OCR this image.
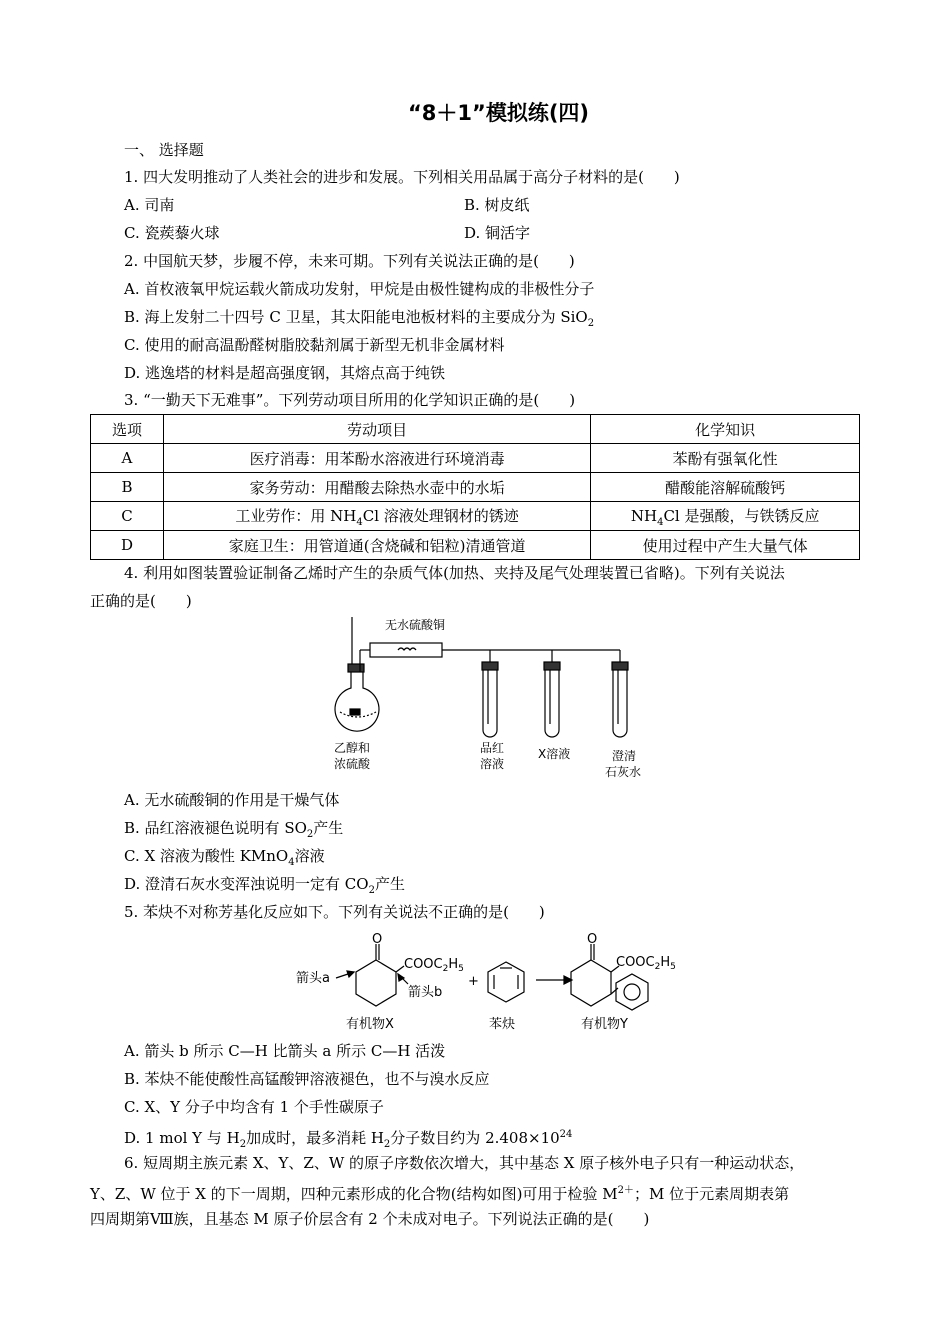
“8＋1”模拟练(四)
一、 选择题
1. 四大发明推动了人类社会的进步和发展。下列相关用品属于高分子材料的是(　　)
A. 司南	B. 树皮纸
C. 瓷蒺藜火球	D. 铜活字
2. 中国航天梦，步履不停，未来可期。下列有关说法正确的是(　　)
A. 首枚液氧甲烷运载火箭成功发射，甲烷是由极性键构成的非极性分子
B. 海上发射二十四号 C 卫星，其太阳能电池板材料的主要成分为 SiO$_2$
C. 使用的耐高温酚醛树脂胶黏剂属于新型无机非金属材料
D. 逃逸塔的材料是超高强度钢，其熔点高于纯铁
3. “一勤天下无难事”。下列劳动项目所用的化学知识正确的是(　　)
选项	劳动项目	化学知识
A	医疗消毒：用苯酚水溶液进行环境消毒	苯酚有强氧化性
B	家务劳动：用醋酸去除热水壶中的水垢	醋酸能溶解硫酸钙
C	工业劳作：用 $NH_4Cl$ 溶液处理钢材的锈迹	$NH_4Cl$ 是强酸，与铁锈反应
D	家庭卫生：用管道通(含烧碱和铝粒)清通管道	使用过程中产生大量气体
4. 利用如图装置验证制备乙烯时产生的杂质气体(加热、夹持及尾气处理装置已省略)。下列有关说法
正确的是(　　)
无水硫酸铜
乙醇和
浓硫酸
品红
溶液
X溶液	澄清
石灰水
A. 无水硫酸铜的作用是干燥气体
B. 品红溶液褪色说明有 $SO_2$产生
C. X 溶液为酸性 KMnO$_4$溶液
D. 澄清石灰水变浑浊说明一定有 $CO_2$产生
5. 苯炔不对称芳基化反应如下。下列有关说法不正确的是(　　)
O
$COOC_2H_5$
箭头a
箭头b
+
O
$COOC_2H_5$
有机物X	苯炔	有机物Y
A. 箭头 b 所示 C—H 比箭头 a 所示 C—H 活泼
B. 苯炔不能使酸性高锰酸钾溶液褪色，也不与溴水反应
C. X、Y 分子中均含有 1 个手性碳原子
D. 1 mol Y 与 $H_2$加成时，最多消耗 $H_2$分子数目约为 $2.408\times 10^{24}$
6. 短周期主族元素 X、Y、Z、W 的原子序数依次增大，其中基态 X 原子核外电子只有一种运动状态，
Y、Z、W 位于 X 的下一周期，四种元素形成的化合物(结构如图)可用于检验 $M^{2+}$；M 位于元素周期表第
四周期第Ⅷ族，且基态 M 原子价层含有 2 个未成对电子。下列说法正确的是(　　)
